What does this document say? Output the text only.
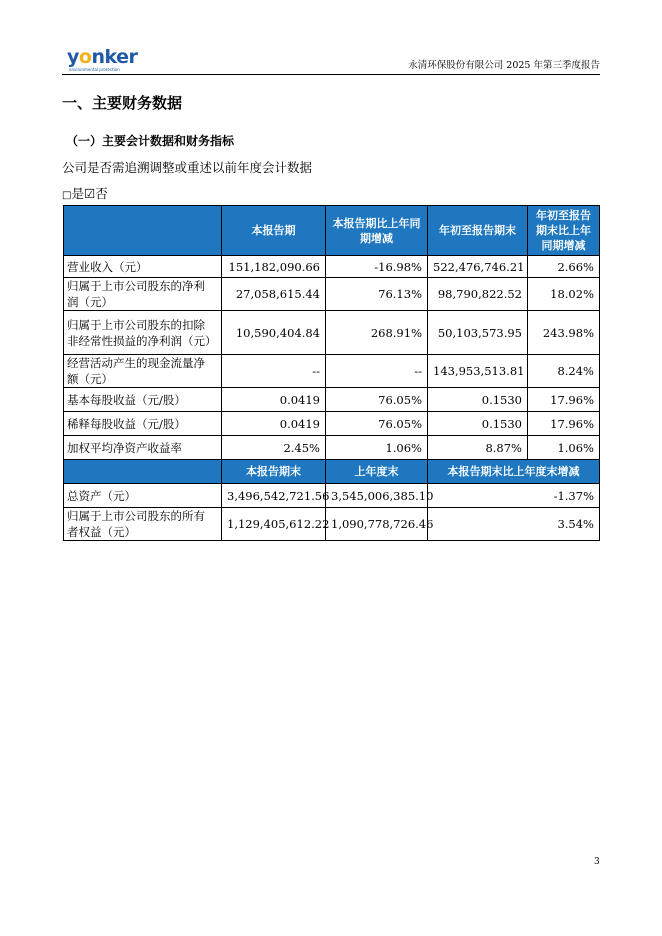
yonker
environmental protection	永清环保股份有限公司 2025 年第三季度报告
一、主要财务数据
（一）主要会计数据和财务指标
公司是否需追溯调整或重述以前年度会计数据
□是☑否
	本报告期	本报告期比上年同期增减	年初至报告期末	年初至报告期末比上年同期增减
营业收入（元）	151,182,090.66	-16.98%	522,476,746.21	2.66%
归属于上市公司股东的净利润（元）	27,058,615.44	76.13%	98,790,822.52	18.02%
归属于上市公司股东的扣除非经常性损益的净利润（元）	10,590,404.84	268.91%	50,103,573.95	243.98%
经营活动产生的现金流量净额（元）	--	--	143,953,513.81	8.24%
基本每股收益（元/股）	0.0419	76.05%	0.1530	17.96%
稀释每股收益（元/股）	0.0419	76.05%	0.1530	17.96%
加权平均净资产收益率	2.45%	1.06%	8.87%	1.06%
	本报告期末	上年度末	本报告期末比上年度末增减	
总资产（元）	3,496,542,721.56	3,545,006,385.10	-1.37%	
归属于上市公司股东的所有者权益（元）	1,129,405,612.22	1,090,778,726.46	3.54%	
3
